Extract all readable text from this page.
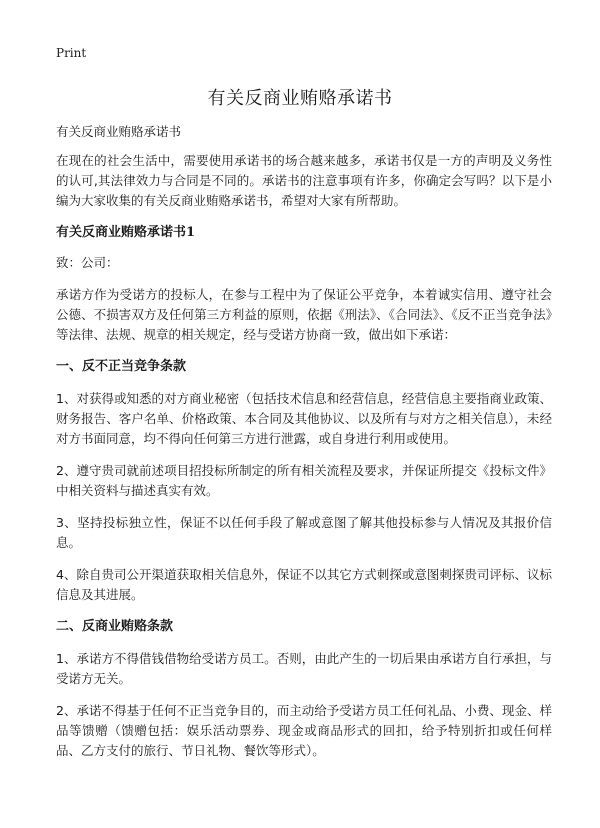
Print
有关反商业贿赂承诺书

有关反商业贿赂承诺书

在现在的社会生活中，需要使用承诺书的场合越来越多，承诺书仅是一方的声明及义务性的认可,其法律效力与合同是不同的。承诺书的注意事项有许多，你确定会写吗？以下是小编为大家收集的有关反商业贿赂承诺书，希望对大家有所帮助。

有关反商业贿赂承诺书1

致：公司：

承诺方作为受诺方的投标人，在参与工程中为了保证公平竞争，本着诚实信用、遵守社会公德、不损害双方及任何第三方利益的原则，依据《刑法》、《合同法》、《反不正当竞争法》等法律、法规、规章的相关规定，经与受诺方协商一致，做出如下承诺：

一、反不正当竞争条款

1、对获得或知悉的对方商业秘密（包括技术信息和经营信息，经营信息主要指商业政策、财务报告、客户名单、价格政策、本合同及其他协议、以及所有与对方之相关信息），未经对方书面同意，均不得向任何第三方进行泄露，或自身进行利用或使用。

2、遵守贵司就前述项目招投标所制定的所有相关流程及要求，并保证所提交《投标文件》中相关资料与描述真实有效。

3、坚持投标独立性，保证不以任何手段了解或意图了解其他投标参与人情况及其报价信息。

4、除自贵司公开渠道获取相关信息外，保证不以其它方式刺探或意图刺探贵司评标、议标信息及其进展。

二、反商业贿赂条款

1、承诺方不得借钱借物给受诺方员工。否则，由此产生的一切后果由承诺方自行承担，与受诺方无关。

2、承诺不得基于任何不正当竞争目的，而主动给予受诺方员工任何礼品、小费、现金、样品等馈赠（馈赠包括：娱乐活动票券、现金或商品形式的回扣，给予特别折扣或任何样品、乙方支付的旅行、节日礼物、餐饮等形式）。
